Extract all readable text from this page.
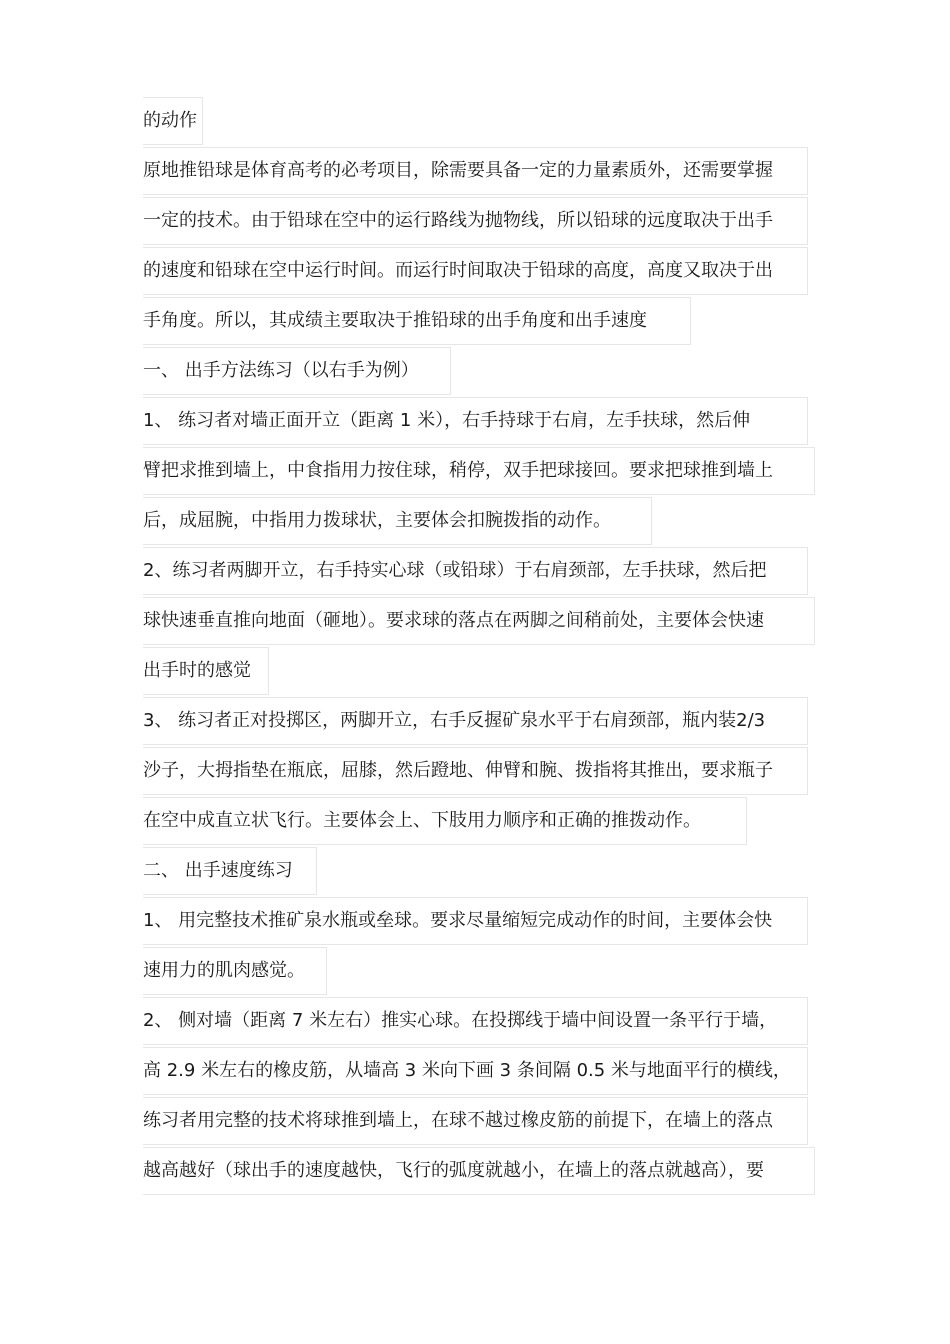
的动作
原地推铅球是体育高考的必考项目，除需要具备一定的力量素质外，还需要掌握
一定的技术。由于铅球在空中的运行路线为抛物线，所以铅球的远度取决于出手
的速度和铅球在空中运行时间。而运行时间取决于铅球的高度，高度又取决于出
手角度。所以，其成绩主要取决于推铅球的出手角度和出手速度
一、 出手方法练习（以右手为例）
1、 练习者对墙正面开立（距离 1 米），右手持球于右肩，左手扶球，然后伸
臂把求推到墙上，中食指用力按住球，稍停，双手把球接回。要求把球推到墙上
后，成屈腕，中指用力拨球状，主要体会扣腕拨指的动作。
2、练习者两脚开立，右手持实心球（或铅球）于右肩颈部，左手扶球，然后把
球快速垂直推向地面（砸地）。要求球的落点在两脚之间稍前处，主要体会快速
出手时的感觉
3、 练习者正对投掷区，两脚开立，右手反握矿泉水平于右肩颈部，瓶内装2/3
沙子，大拇指垫在瓶底，屈膝，然后蹬地、伸臂和腕、拨指将其推出，要求瓶子
在空中成直立状飞行。主要体会上、下肢用力顺序和正确的推拨动作。
二、 出手速度练习
1、 用完整技术推矿泉水瓶或垒球。要求尽量缩短完成动作的时间，主要体会快
速用力的肌肉感觉。
2、 侧对墙（距离 7 米左右）推实心球。在投掷线于墙中间设置一条平行于墙，
高 2.9 米左右的橡皮筋，从墙高 3 米向下画 3 条间隔 0.5 米与地面平行的横线，
练习者用完整的技术将球推到墙上，在球不越过橡皮筋的前提下，在墙上的落点
越高越好（球出手的速度越快，飞行的弧度就越小，在墙上的落点就越高），要
